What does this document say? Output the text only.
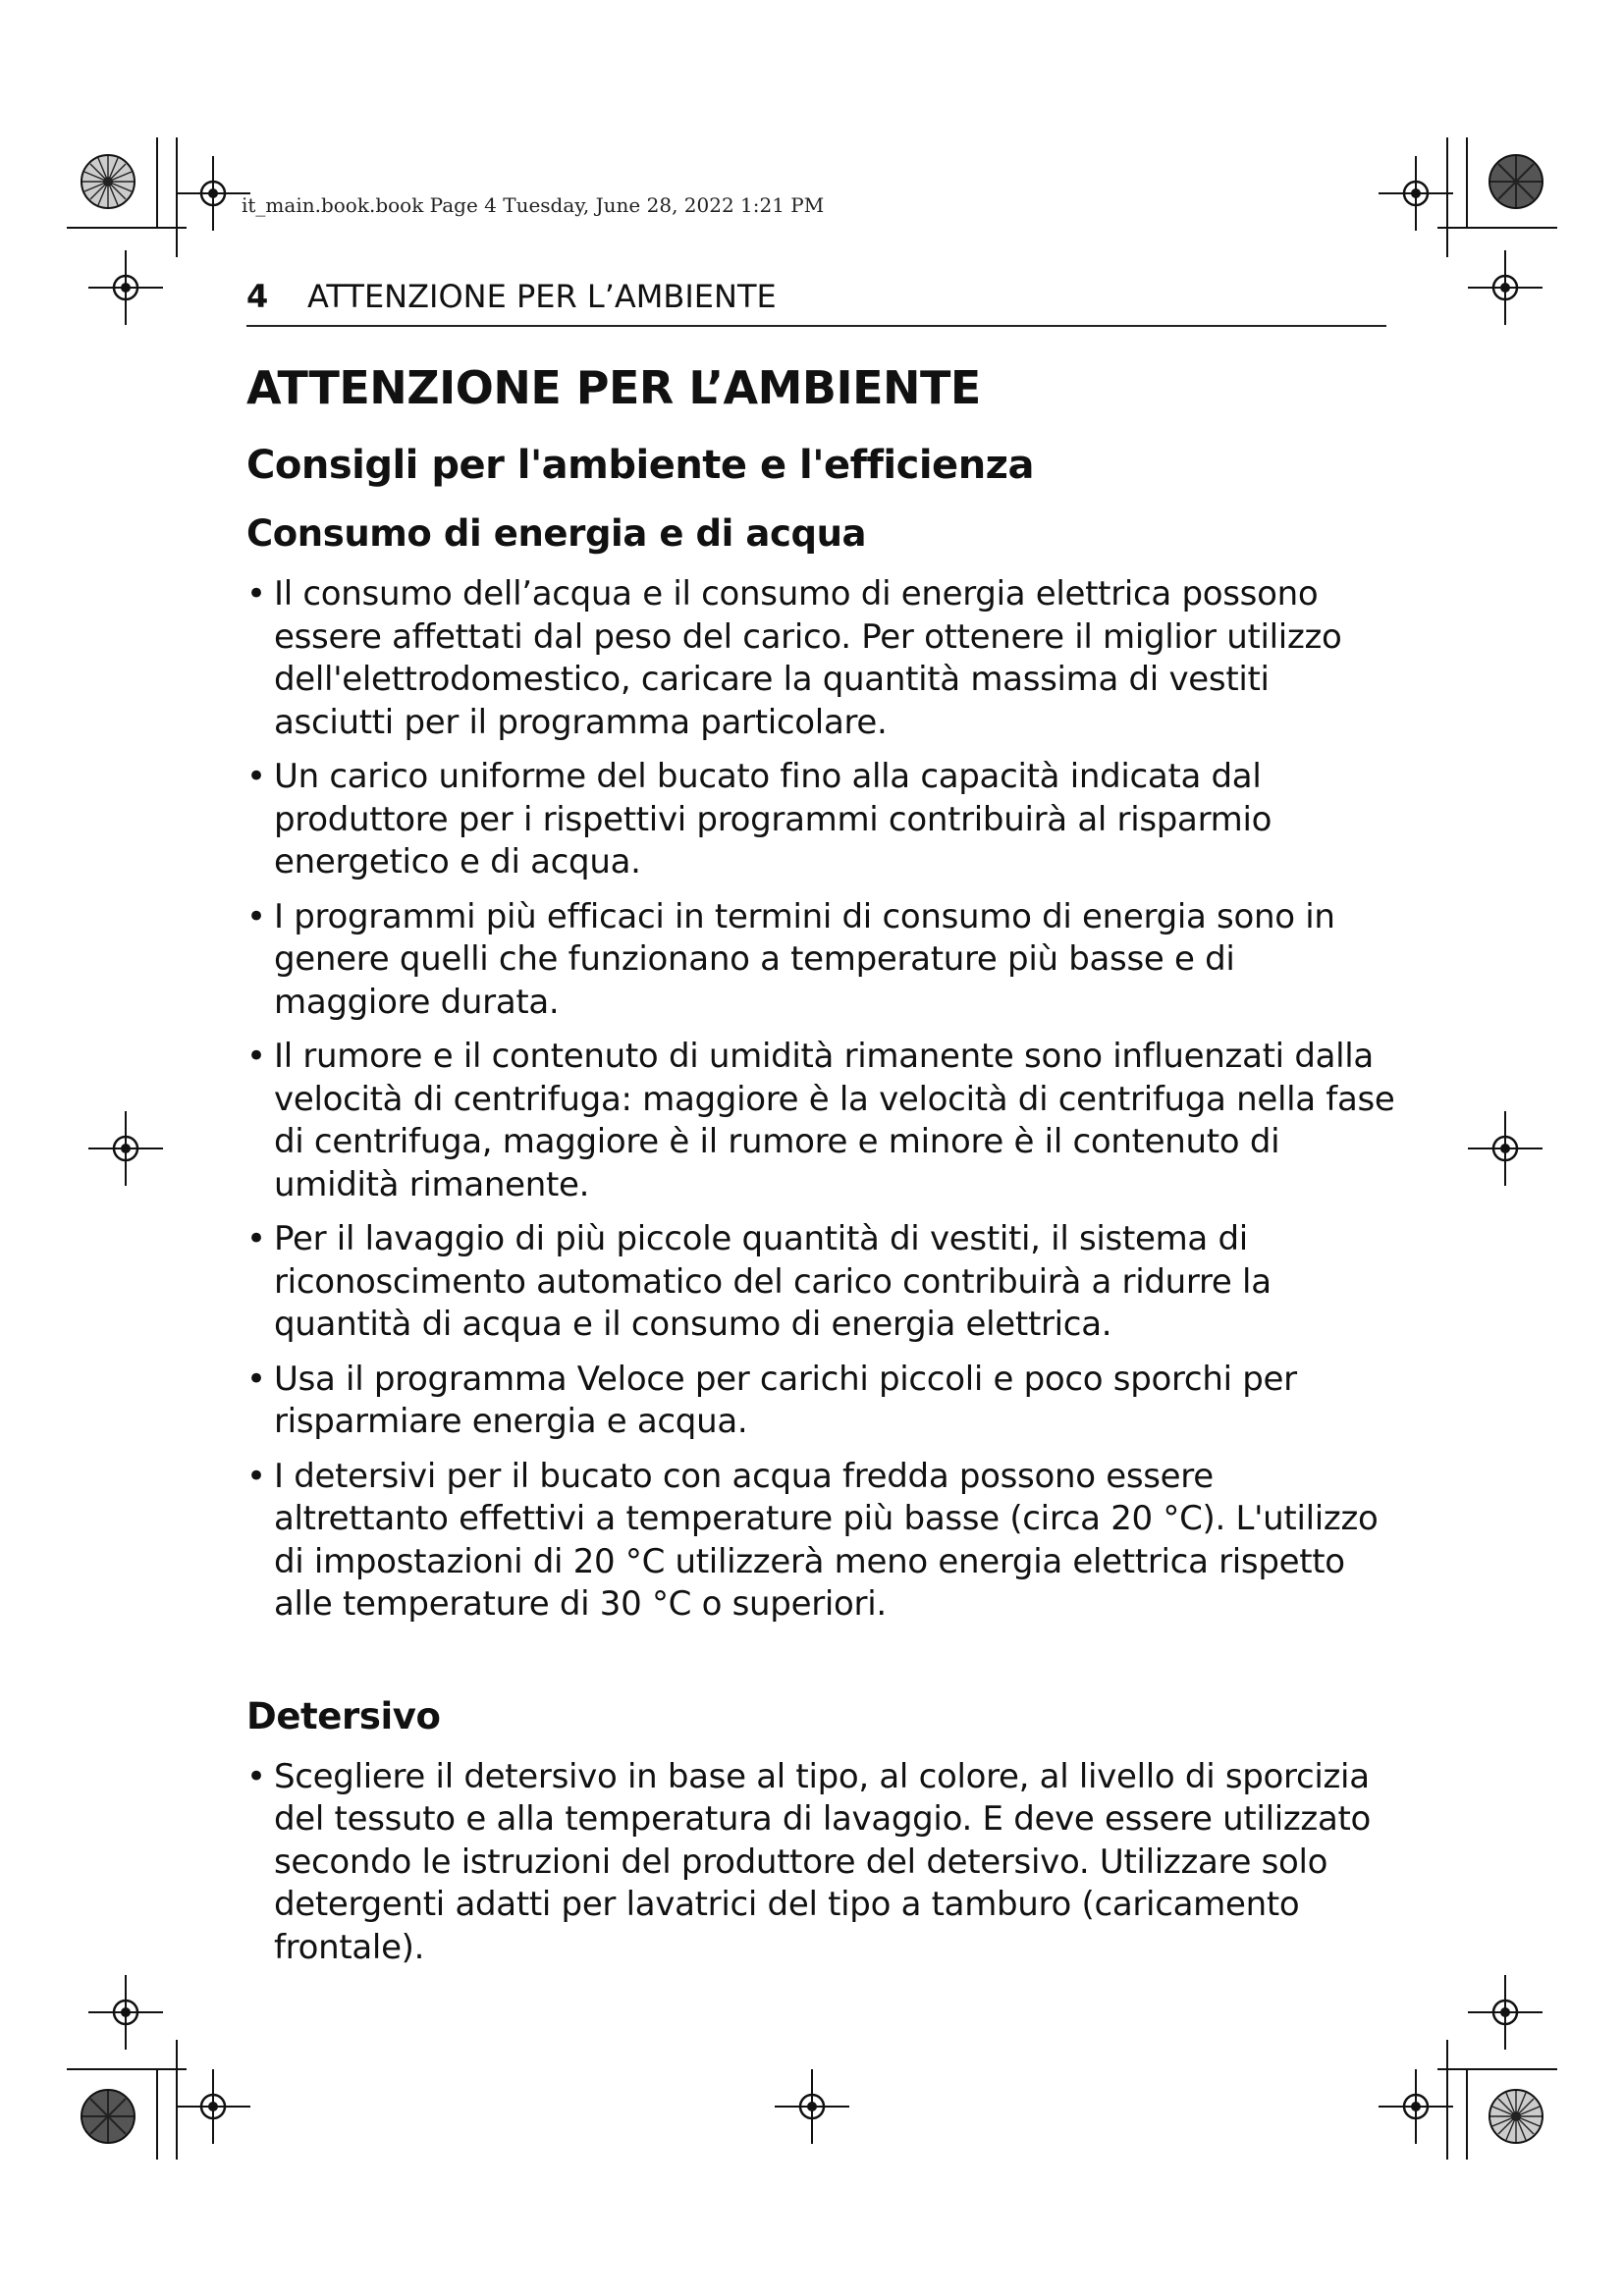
it_main.book.book Page 4 Tuesday, June 28, 2022 1:21 PM
4 ATTENZIONE PER L’AMBIENTE
ATTENZIONE PER L’AMBIENTE
Consigli per l'ambiente e l'efficienza
Consumo di energia e di acqua
• Il consumo dell’acqua e il consumo di energia elettrica possono essere affettati dal peso del carico. Per ottenere il miglior utilizzo dell'elettrodomestico, caricare la quantità massima di vestiti asciutti per il programma particolare.
• Un carico uniforme del bucato fino alla capacità indicata dal produttore per i rispettivi programmi contribuirà al risparmio energetico e di acqua.
• I programmi più efficaci in termini di consumo di energia sono in genere quelli che funzionano a temperature più basse e di maggiore durata.
• Il rumore e il contenuto di umidità rimanente sono influenzati dalla velocità di centrifuga: maggiore è la velocità di centrifuga nella fase di centrifuga, maggiore è il rumore e minore è il contenuto di umidità rimanente.
• Per il lavaggio di più piccole quantità di vestiti, il sistema di riconoscimento automatico del carico contribuirà a ridurre la quantità di acqua e il consumo di energia elettrica.
• Usa il programma Veloce per carichi piccoli e poco sporchi per risparmiare energia e acqua.
• I detersivi per il bucato con acqua fredda possono essere altrettanto effettivi a temperature più basse (circa 20 °C). L'utilizzo di impostazioni di 20 °C utilizzerà meno energia elettrica rispetto alle temperature di 30 °C o superiori.
Detersivo
• Scegliere il detersivo in base al tipo, al colore, al livello di sporcizia del tessuto e alla temperatura di lavaggio. E deve essere utilizzato secondo le istruzioni del produttore del detersivo. Utilizzare solo detergenti adatti per lavatrici del tipo a tamburo (caricamento frontale).
